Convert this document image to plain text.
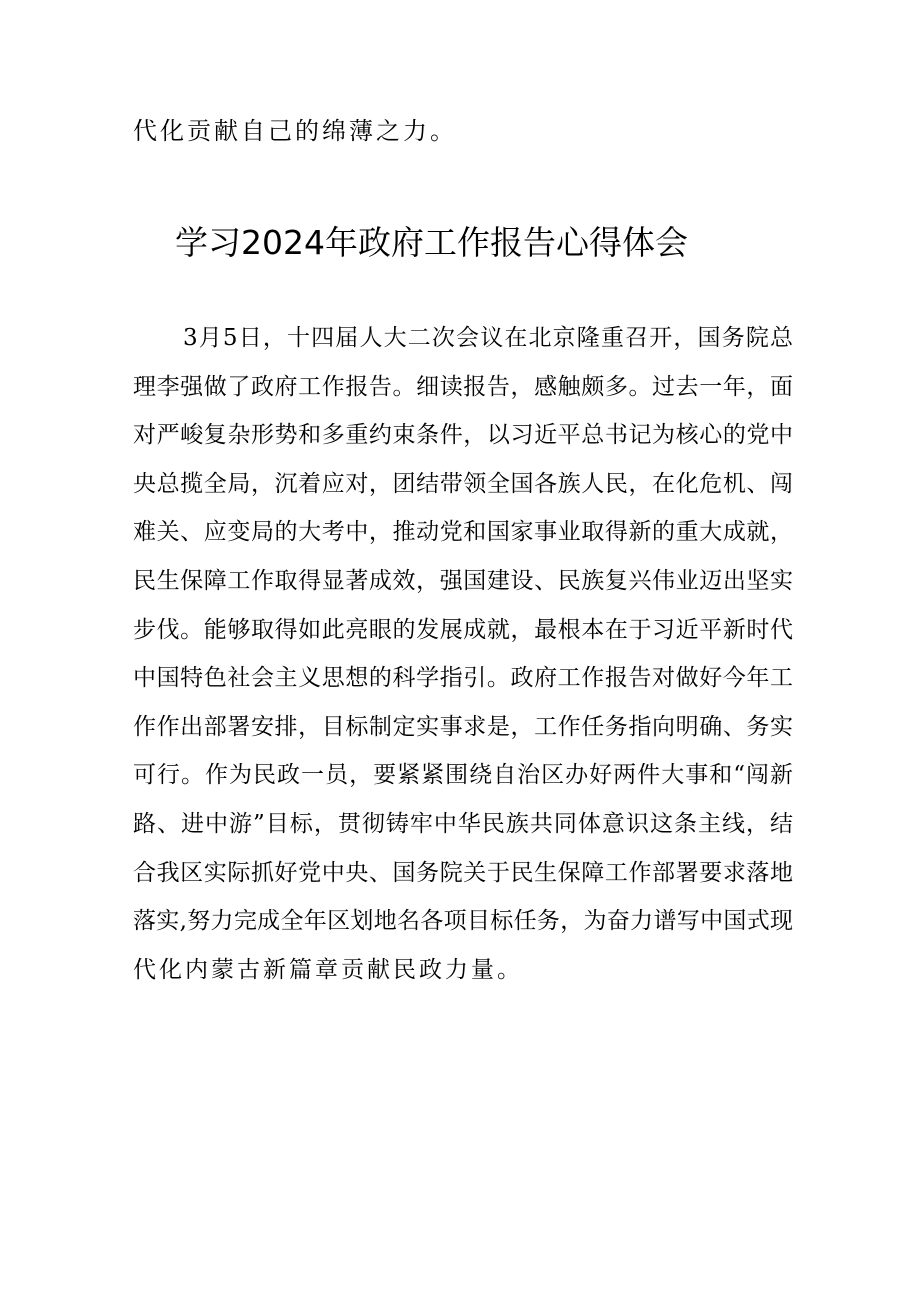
代化贡献自己的绵薄之力。
学习2024年政府工作报告心得体会
3月5日，十四届人大二次会议在北京隆重召开，国务院总
理李强做了政府工作报告。细读报告，感触颇多。过去一年，面
对严峻复杂形势和多重约束条件，以习近平总书记为核心的党中
央总揽全局，沉着应对，团结带领全国各族人民，在化危机、闯
难关、应变局的大考中，推动党和国家事业取得新的重大成就，
民生保障工作取得显著成效，强国建设、民族复兴伟业迈出坚实
步伐。能够取得如此亮眼的发展成就，最根本在于习近平新时代
中国特色社会主义思想的科学指引。政府工作报告对做好今年工
作作出部署安排，目标制定实事求是，工作任务指向明确、务实
可行。作为民政一员，要紧紧围绕自治区办好两件大事和“闯新
路、进中游”目标，贯彻铸牢中华民族共同体意识这条主线，结
合我区实际抓好党中央、国务院关于民生保障工作部署要求落地
落实,努力完成全年区划地名各项目标任务，为奋力谱写中国式现
代化内蒙古新篇章贡献民政力量。
